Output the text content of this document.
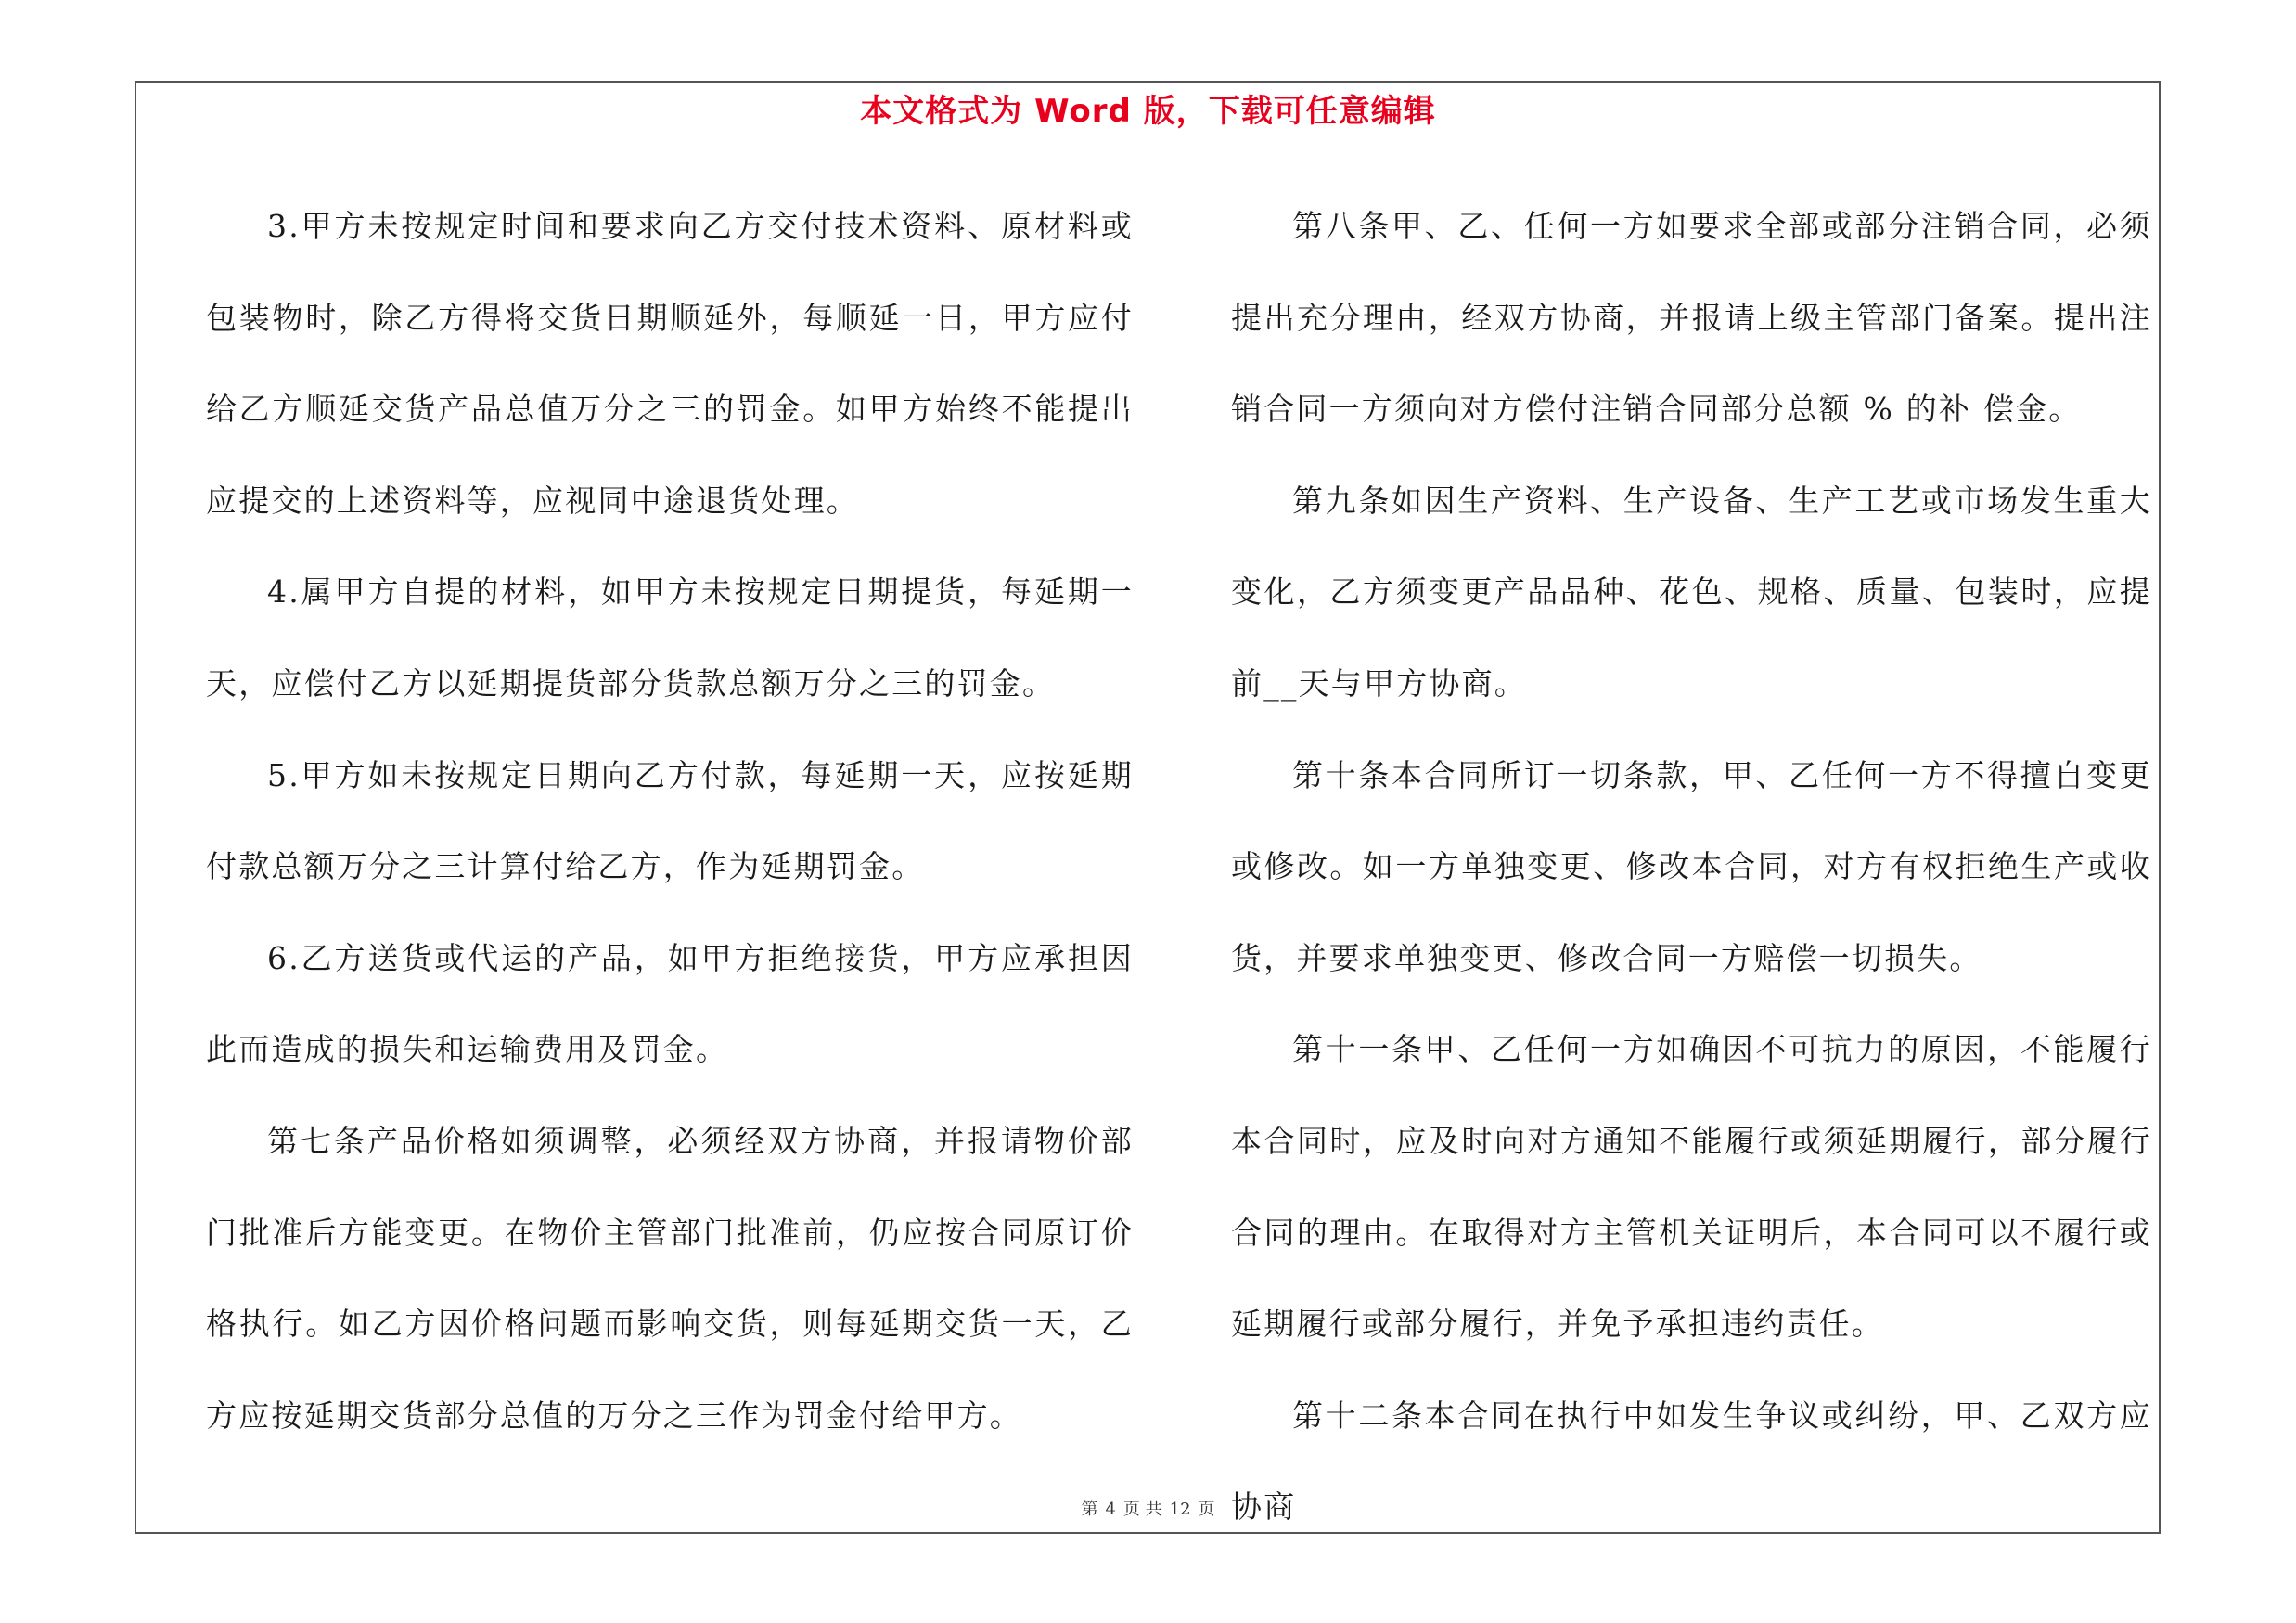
本文格式为 Word 版，下载可任意编辑

3.甲方未按规定时间和要求向乙方交付技术资料、原材料或包装物时，除乙方得将交货日期顺延外，每顺延一日，甲方应付给乙方顺延交货产品总值万分之三的罚金。如甲方始终不能提出应提交的上述资料等，应视同中途退货处理。

4.属甲方自提的材料，如甲方未按规定日期提货，每延期一天，应偿付乙方以延期提货部分货款总额万分之三的罚金。

5.甲方如未按规定日期向乙方付款，每延期一天，应按延期付款总额万分之三计算付给乙方，作为延期罚金。

6.乙方送货或代运的产品，如甲方拒绝接货，甲方应承担因此而造成的损失和运输费用及罚金。

第七条产品价格如须调整，必须经双方协商，并报请物价部门批准后方能变更。在物价主管部门批准前，仍应按合同原订价格执行。如乙方因价格问题而影响交货，则每延期交货一天，乙方应按延期交货部分总值的万分之三作为罚金付给甲方。

第八条甲、乙、任何一方如要求全部或部分注销合同，必须提出充分理由，经双方协商，并报请上级主管部门备案。提出注销合同一方须向对方偿付注销合同部分总额 % 的补 偿金。

第九条如因生产资料、生产设备、生产工艺或市场发生重大变化，乙方须变更产品品种、花色、规格、质量、包装时，应提前__天与甲方协商。

第十条本合同所订一切条款，甲、乙任何一方不得擅自变更或修改。如一方单独变更、修改本合同，对方有权拒绝生产或收货，并要求单独变更、修改合同一方赔偿一切损失。

第十一条甲、乙任何一方如确因不可抗力的原因，不能履行本合同时，应及时向对方通知不能履行或须延期履行，部分履行合同的理由。在取得对方主管机关证明后，本合同可以不履行或延期履行或部分履行，并免予承担违约责任。

第十二条本合同在执行中如发生争议或纠纷，甲、乙双方应协商

第 4 页 共 12 页
